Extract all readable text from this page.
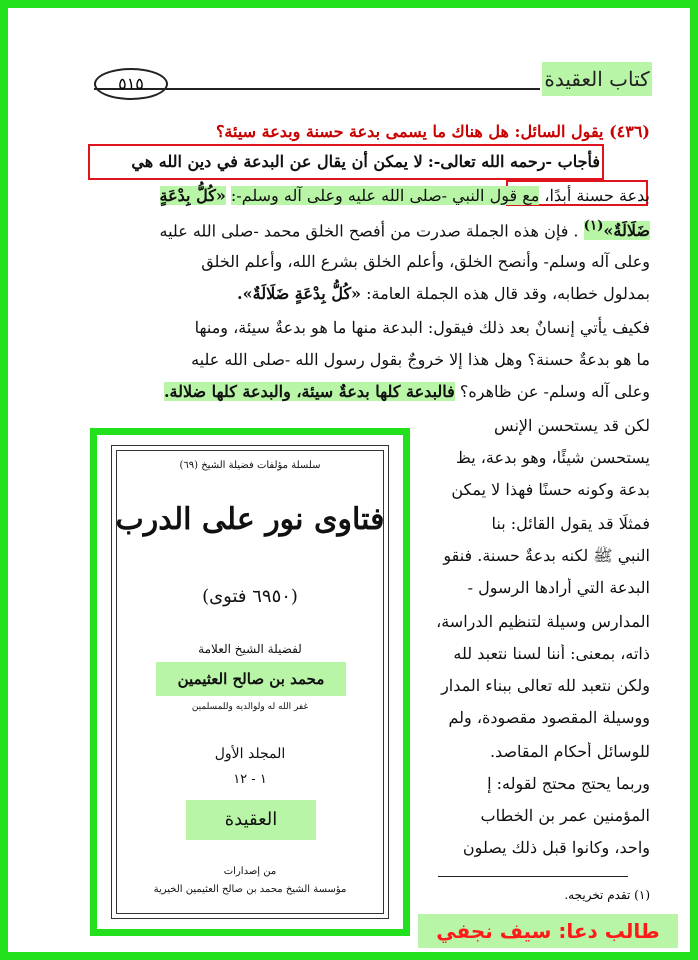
كتاب العقيدة
٥١٥
(٤٣٦) يقول السائل: هل هناك ما يسمى بدعة حسنة وبدعة سيئة؟
فأجاب -رحمه الله تعالى-: لا يمكن أن يقال عن البدعة في دين الله هي
بدعة حسنة أبدًا، مع قول النبي -صلى الله عليه وعلى آله وسلم-: «كُلُّ بِدْعَةٍ
ضَلَالَةٌ»$^{(١)}$ . فإن هذه الجملة صدرت من أفصح الخلق محمد -صلى الله عليه
وعلى آله وسلم- وأنصح الخلق، وأعلم الخلق بشرع الله، وأعلم الخلق
بمدلول خطابه، وقد قال هذه الجملة العامة: «كُلُّ بِدْعَةٍ ضَلَالَةٌ».
فكيف يأتي إنسانٌ بعد ذلك فيقول: البدعة منها ما هو بدعةٌ سيئة، ومنها
ما هو بدعةٌ حسنة؟ وهل هذا إلا خروجٌ بقول رسول الله -صلى الله عليه
وعلى آله وسلم- عن ظاهره؟ فالبدعة كلها بدعةٌ سيئة، والبدعة كلها ضلالة.
لكن قد يستحسن الإنس
يستحسن شيئًا، وهو بدعة، يظ
بدعة وكونه حسنًا فهذا لا يمكن
فمثلًا قد يقول القائل: بنا
النبي ﷺ لكنه بدعةٌ حسنة. فنقو
البدعة التي أرادها الرسول -
المدارس وسيلة لتنظيم الدراسة،
ذاته، بمعنى: أننا لسنا نتعبد لله
ولكن نتعبد لله تعالى ببناء المدار
ووسيلة المقصود مقصودة، ولم
للوسائل أحكام المقاصد.
وربما يحتج محتج لقوله: إ
المؤمنين عمر بن الخطاب
واحد، وكانوا قبل ذلك يصلون
(١) تقدم تخريجه.
سلسلة مؤلفات فضيلة الشيخ (٦٩)
فتاوى نور على الدرب
(٦٩٥٠ فتوى)
لفضيلة الشيخ العلامة
محمد بن صالح العثيمين
غفر الله له ولوالديه وللمسلمين
المجلد الأول
١ - ١٢
العقيدة
من إصدارات
مؤسسة الشيخ محمد بن صالح العثيمين الخيرية
طالب دعا: سيف نجفي
